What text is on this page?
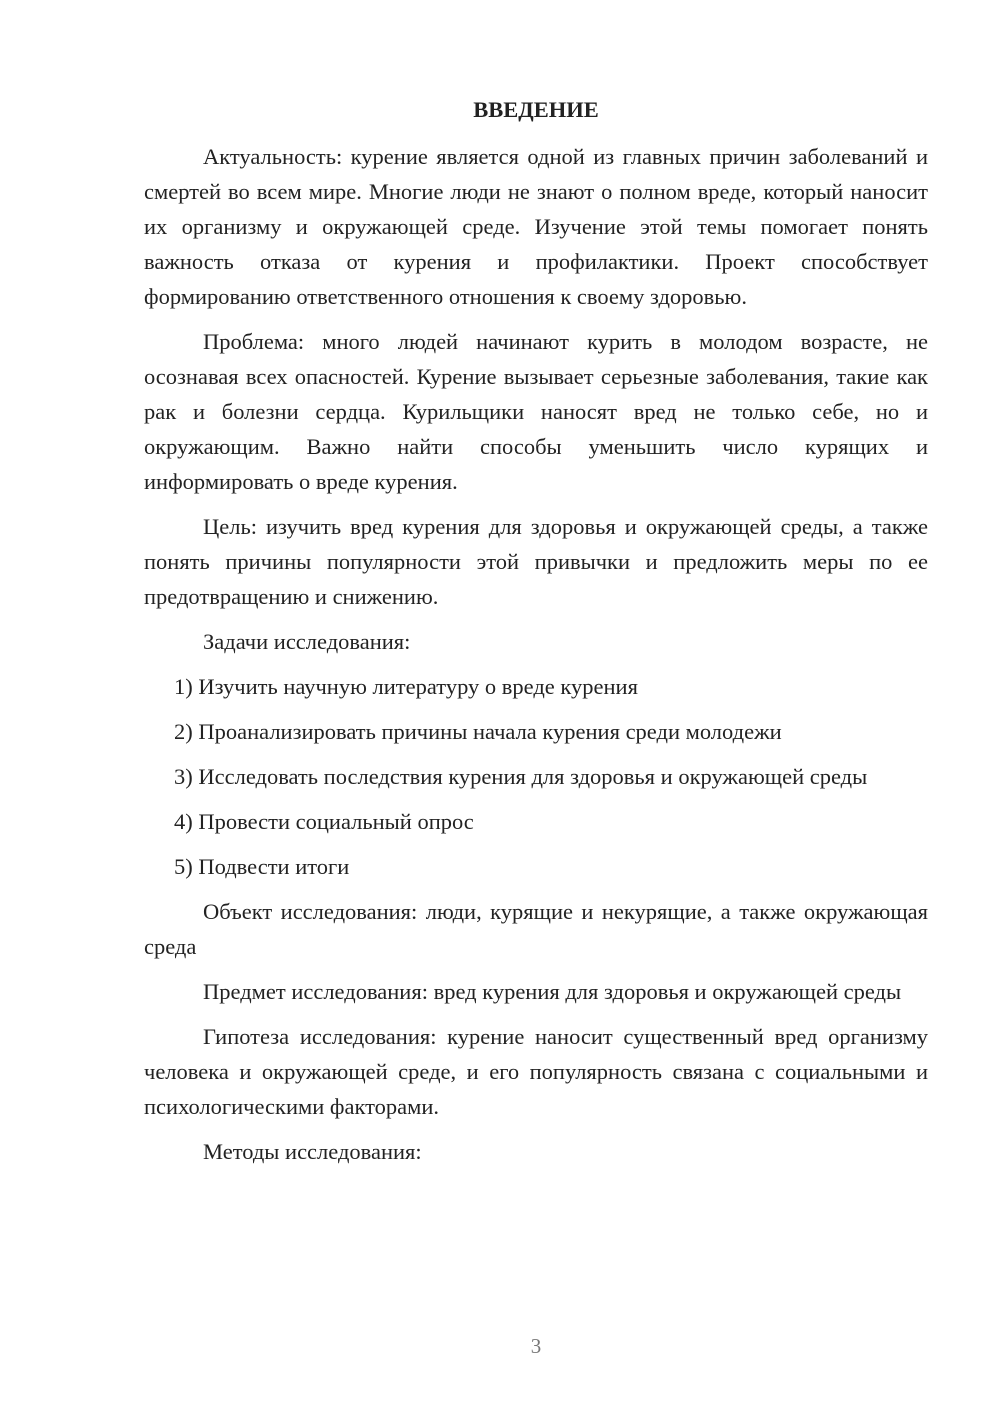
ВВЕДЕНИЕ

Актуальность: курение является одной из главных причин заболеваний и смертей во всем мире. Многие люди не знают о полном вреде, который наносит их организму и окружающей среде. Изучение этой темы помогает понять важность отказа от курения и профилактики. Проект способствует формированию ответственного отношения к своему здоровью.

Проблема: много людей начинают курить в молодом возрасте, не осознавая всех опасностей. Курение вызывает серьезные заболевания, такие как рак и болезни сердца. Курильщики наносят вред не только себе, но и окружающим. Важно найти способы уменьшить число курящих и информировать о вреде курения.

Цель: изучить вред курения для здоровья и окружающей среды, а также понять причины популярности этой привычки и предложить меры по ее предотвращению и снижению.

Задачи исследования:

1) Изучить научную литературу о вреде курения

2) Проанализировать причины начала курения среди молодежи

3) Исследовать последствия курения для здоровья и окружающей среды

4) Провести социальный опрос

5) Подвести итоги

Объект исследования: люди, курящие и некурящие, а также окружающая среда

Предмет исследования: вред курения для здоровья и окружающей среды

Гипотеза исследования: курение наносит существенный вред организму человека и окружающей среде, и его популярность связана с социальными и психологическими факторами.

Методы исследования:

3
